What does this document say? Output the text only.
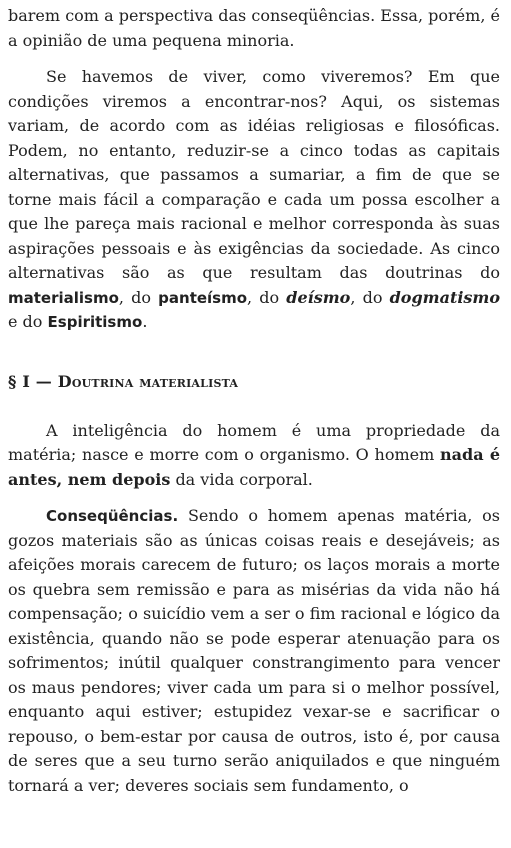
barem com a perspectiva das conseqüências. Essa, porém, é a opinião de uma pequena minoria.

Se havemos de viver, como viveremos? Em que condições viremos a encontrar-nos? Aqui, os sistemas variam, de acordo com as idéias religiosas e filosóficas. Podem, no entanto, reduzir-se a cinco todas as capitais alternativas, que passamos a sumariar, a fim de que se torne mais fácil a comparação e cada um possa escolher a que lhe pareça mais racional e melhor corresponda às suas aspirações pessoais e às exigências da sociedade. As cinco alternativas são as que resultam das doutrinas do materialismo, do panteísmo, do deísmo, do dogmatismo e do Espiritismo.

§ I — Doutrina materialista

A inteligência do homem é uma propriedade da matéria; nasce e morre com o organismo. O homem nada é antes, nem depois da vida corporal.

Conseqüências. Sendo o homem apenas matéria, os gozos materiais são as únicas coisas reais e desejáveis; as afeições morais carecem de futuro; os laços morais a morte os quebra sem remissão e para as misérias da vida não há compensação; o suicídio vem a ser o fim racional e lógico da existência, quando não se pode esperar atenuação para os sofrimentos; inútil qualquer constrangimento para vencer os maus pendores; viver cada um para si o melhor possível, enquanto aqui estiver; estupidez vexar-se e sacrificar o repouso, o bem-estar por causa de outros, isto é, por causa de seres que a seu turno serão aniquilados e que ninguém tornará a ver; deveres sociais sem fundamento, o
